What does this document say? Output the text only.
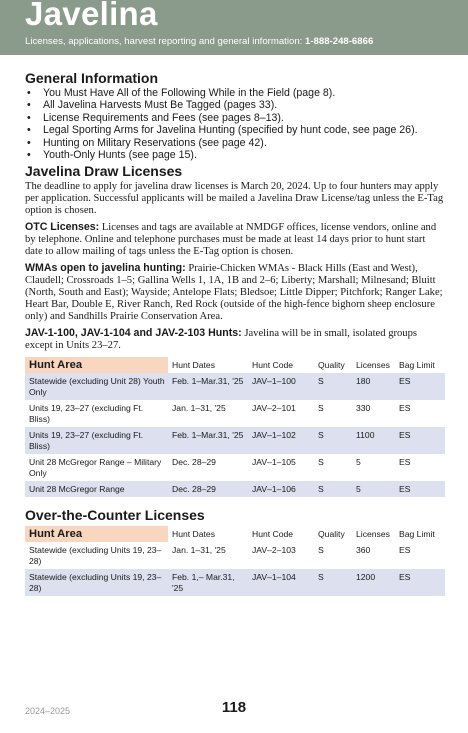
Javelina
Licenses, applications, harvest reporting and general information: 1-888-248-6866
General Information
• You Must Have All of the Following While in the Field (page 8).
• All Javelina Harvests Must Be Tagged (pages 33).
• License Requirements and Fees (see pages 8–13).
• Legal Sporting Arms for Javelina Hunting (specified by hunt code, see page 26).
• Hunting on Military Reservations (see page 42).
• Youth-Only Hunts (see page 15).
Javelina Draw Licenses

The deadline to apply for javelina draw licenses is March 20, 2024. Up to four hunters may apply per application. Successful applicants will be mailed a Javelina Draw License/tag unless the E-Tag option is chosen.

OTC Licenses: Licenses and tags are available at NMDGF offices, license vendors, online and by telephone. Online and telephone purchases must be made at least 14 days prior to hunt start date to allow mailing of tags unless the E-Tag option is chosen.

WMAs open to javelina hunting: Prairie-Chicken WMAs - Black Hills (East and West), Claudell; Crossroads 1–5; Gallina Wells 1, 1A, 1B and 2–6; Liberty; Marshall; Milnesand; Bluitt (North, South and East); Wayside; Antelope Flats; Bledsoe; Little Dipper; Pitchfork; Ranger Lake; Heart Bar, Double E, River Ranch, Red Rock (outside of the high-fence bighorn sheep enclosure only) and Sandhills Prairie Conservation Area.

JAV-1-100, JAV-1-104 and JAV-2-103 Hunts: Javelina will be in small, isolated groups except in Units 23–27.

Hunt Area	Hunt Dates	Hunt Code	Quality	Licenses	Bag Limit
Statewide (excluding Unit 28) Youth Only	Feb. 1–Mar.31, '25	JAV–1–100	S	180	ES
Units 19, 23–27 (excluding Ft. Bliss)	Jan. 1–31, '25	JAV–2–101	S	330	ES
Units 19, 23–27 (excluding Ft. Bliss)	Feb. 1–Mar.31, '25	JAV–1–102	S	1100	ES
Unit 28 McGregor Range – Military Only	Dec. 28–29	JAV–1–105	S	5	ES
Unit 28 McGregor Range	Dec. 28–29	JAV–1–106	S	5	ES
Over-the-Counter Licenses
Hunt Area	Hunt Dates	Hunt Code	Quality	Licenses	Bag Limit
Statewide (excluding Units 19, 23–28)	Jan. 1–31, '25	JAV–2–103	S	360	ES
Statewide (excluding Units 19, 23–28)	Feb. 1,– Mar.31, '25	JAV–1–104	S	1200	ES
2024–2025	118
